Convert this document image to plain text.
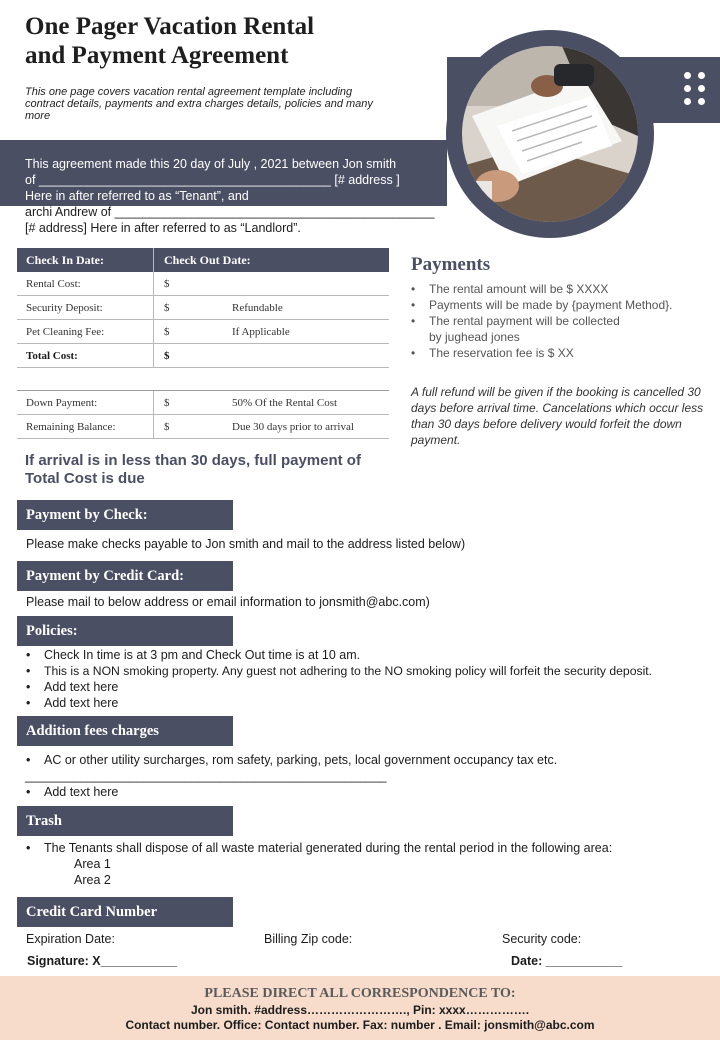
One Pager Vacation Rental
and Payment Agreement
This one page covers vacation rental agreement template including contract details, payments and extra charges details, policies and many more
This agreement made this 20 day of July , 2021 between Jon smith
of __________________________________________ [# address ]
Here in after referred to as “Tenant”, and
archi Andrew of ______________________________________________
[# address] Here in after referred to as “Landlord”.
Check In Date:	Check Out Date:
Rental Cost:	$
Security Deposit:	$	Refundable
Pet Cleaning Fee:	$	If Applicable
Total Cost:	$
Down Payment:	$	50% Of the Rental Cost
Remaining Balance:	$	Due 30 days prior to arrival
If arrival is in less than 30 days, full payment of Total Cost is due
Payments
• The rental amount will be $ XXXX
• Payments will be made by {payment Method}.
• The rental payment will be collected
by jughead jones
• The reservation fee is $ XX
A full refund will be given if the booking is cancelled 30 days before arrival time. Cancelations which occur less than 30 days before delivery would forfeit the down payment.
Payment by Check:
Please make checks payable to Jon smith and mail to the address listed below)
Payment by Credit Card:
Please mail to below address or email information to jonsmith@abc.com)
Policies:
• Check In time is at 3 pm and Check Out time is at 10 am.
• This is a NON smoking property. Any guest not adhering to the NO smoking policy will forfeit the security deposit.
• Add text here
• Add text here
Addition fees charges
• AC or other utility surcharges, rom safety, parking, pets, local government occupancy tax etc.
____________________________________________________
• Add text here
Trash
• The Tenants shall dispose of all waste material generated during the rental period in the following area:
Area 1
Area 2
Credit Card Number
Expiration Date:	Billing Zip code:	Security code:
Signature: X___________	Date: ___________
PLEASE DIRECT ALL CORRESPONDENCE TO:
Jon smith. #address……………………., Pin: xxxx…………….
Contact number. Office: Contact number. Fax: number . Email: jonsmith@abc.com
